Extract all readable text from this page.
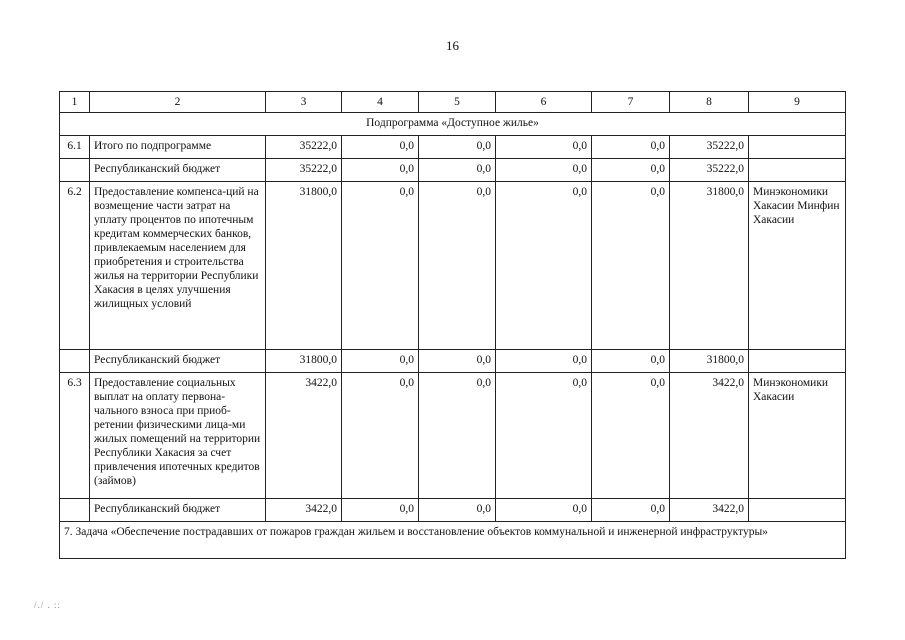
16
1	2	3	4	5	6	7	8	9
Подпрограмма «Доступное жилье»								
6.1	Итого по подпрограмме	35222,0	0,0	0,0	0,0	0,0	35222,0	
	Республиканский бюджет	35222,0	0,0	0,0	0,0	0,0	35222,0	
6.2	Предоставление компенса-ций на возмещение части затрат на уплату процентов по ипотечным кредитам коммерческих банков, привлекаемым населением для приобретения и строительства жилья на территории Республики Хакасия в целях улучшения жилищных условий	31800,0	0,0	0,0	0,0	0,0	31800,0	Минэкономики Хакасии Минфин Хакасии
	Республиканский бюджет	31800,0	0,0	0,0	0,0	0,0	31800,0	
6.3	Предоставление социальных выплат на оплату первона-чального взноса при приоб-ретении физическими лица-ми жилых помещений на территории Республики Хакасия за счет привлечения ипотечных кредитов (займов)	3422,0	0,0	0,0	0,0	0,0	3422,0	Минэкономики Хакасии
	Республиканский бюджет	3422,0	0,0	0,0	0,0	0,0	3422,0	
7. Задача «Обеспечение пострадавших от пожаров граждан жильем и восстановление объектов коммунальной и инженерной инфраструктуры»								
/./ . ::
